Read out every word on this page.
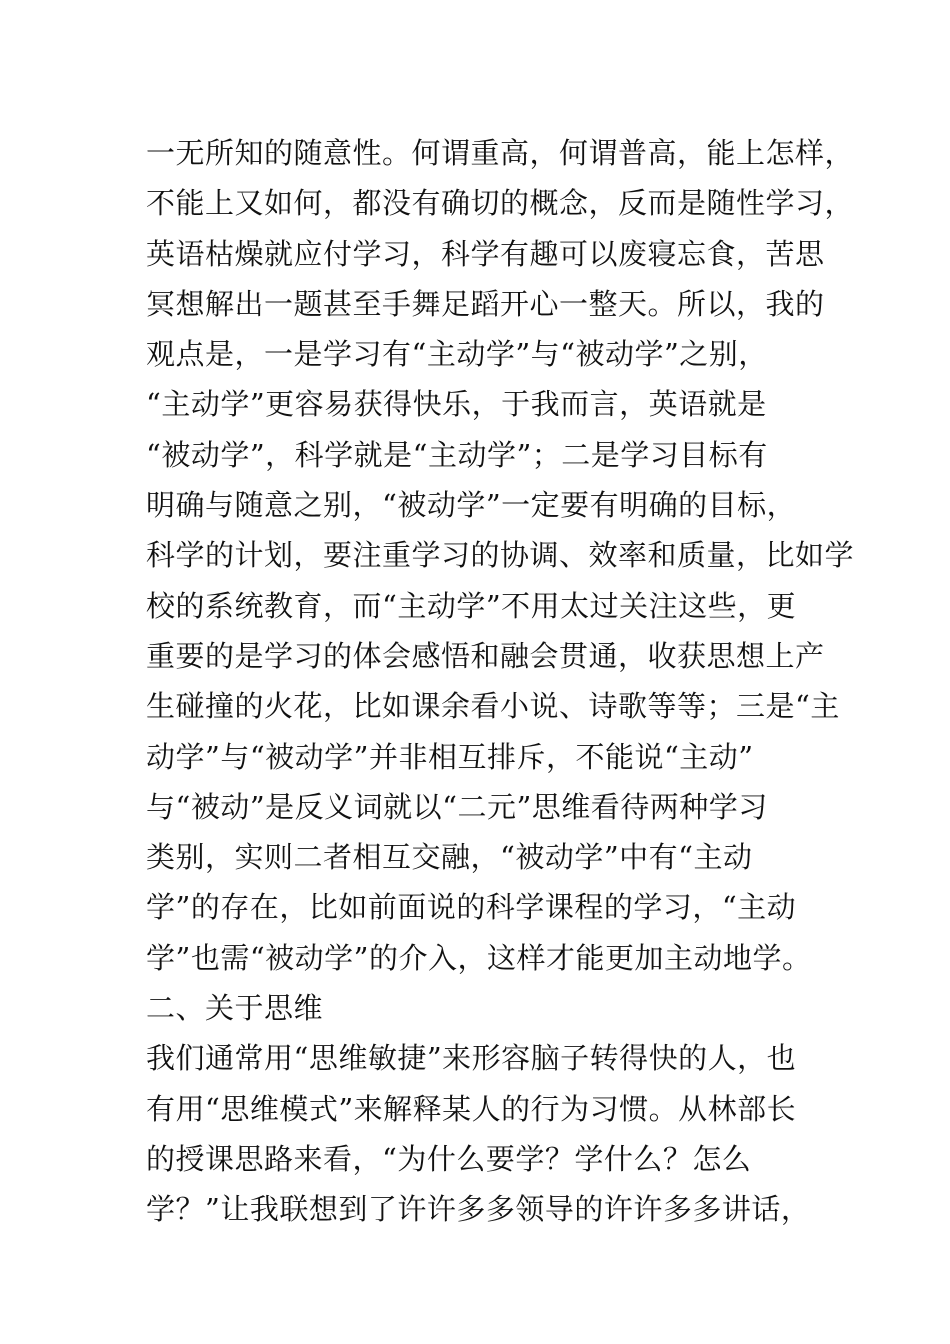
一无所知的随意性。何谓重高，何谓普高，能上怎样，
不能上又如何，都没有确切的概念，反而是随性学习，
英语枯燥就应付学习，科学有趣可以废寝忘食，苦思
冥想解出一题甚至手舞足蹈开心一整天。所以，我的
观点是，一是学习有“主动学”与“被动学”之别，
“主动学”更容易获得快乐，于我而言，英语就是
“被动学”，科学就是“主动学”；二是学习目标有
明确与随意之别，“被动学”一定要有明确的目标，
科学的计划，要注重学习的协调、效率和质量，比如学
校的系统教育，而“主动学”不用太过关注这些，更
重要的是学习的体会感悟和融会贯通，收获思想上产
生碰撞的火花，比如课余看小说、诗歌等等；三是“主
动学”与“被动学”并非相互排斥，不能说“主动”
与“被动”是反义词就以“二元”思维看待两种学习
类别，实则二者相互交融，“被动学”中有“主动
学”的存在，比如前面说的科学课程的学习，“主动
学”也需“被动学”的介入，这样才能更加主动地学。
二、关于思维
我们通常用“思维敏捷”来形容脑子转得快的人，也
有用“思维模式”来解释某人的行为习惯。从林部长
的授课思路来看，“为什么要学？学什么？怎么
学？”让我联想到了许许多多领导的许许多多讲话，
